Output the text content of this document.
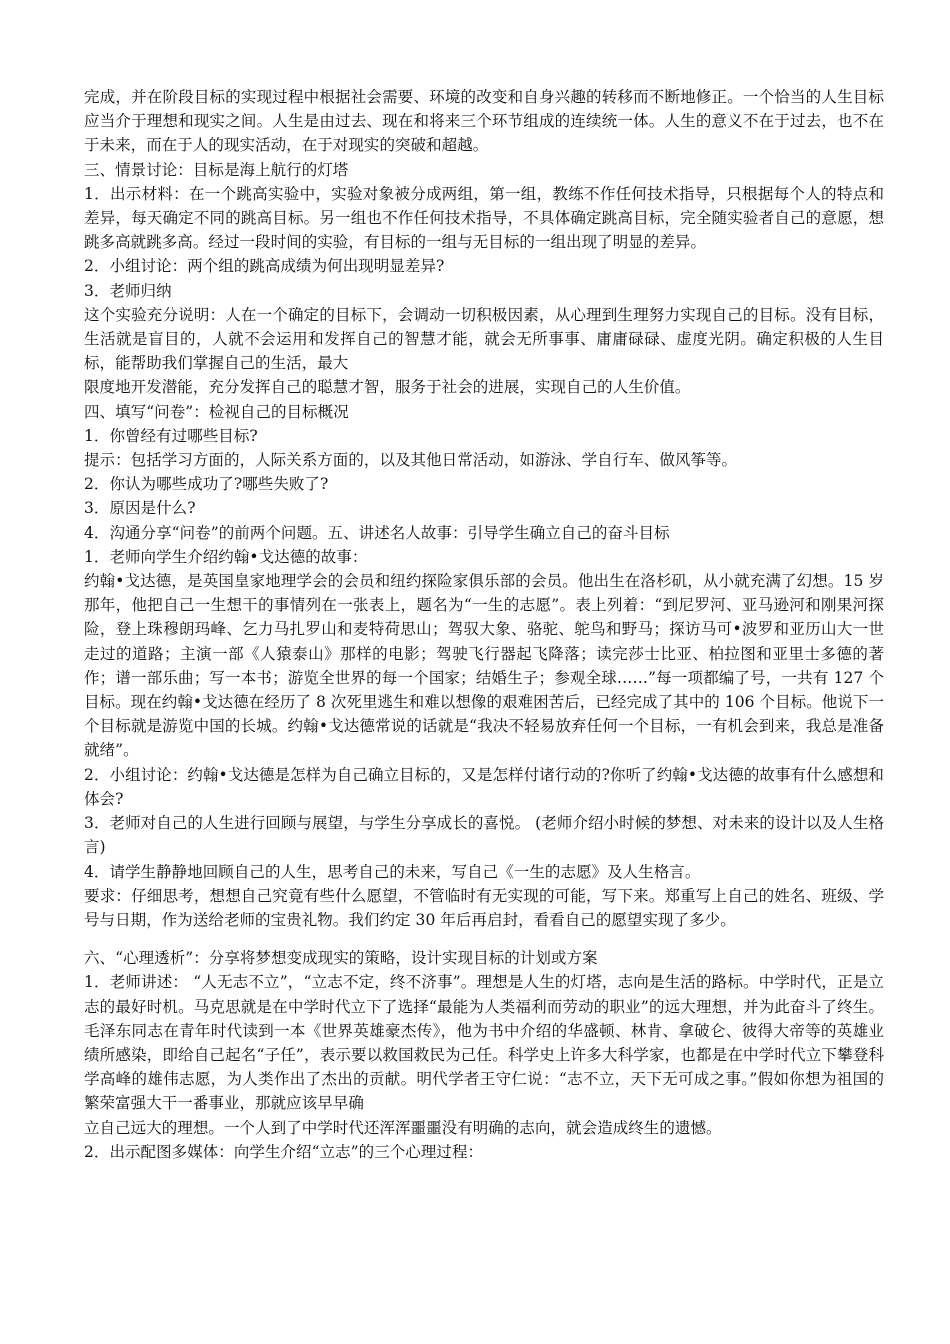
完成，并在阶段目标的实现过程中根据社会需要、环境的改变和自身兴趣的转移而不断地修正。一个恰当的人生目标应当介于理想和现实之间。人生是由过去、现在和将来三个环节组成的连续统一体。人生的意义不在于过去，也不在于未来，而在于人的现实活动，在于对现实的突破和超越。

三、情景讨论：目标是海上航行的灯塔

1．出示材料：在一个跳高实验中，实验对象被分成两组，第一组，教练不作任何技术指导，只根据每个人的特点和差异，每天确定不同的跳高目标。另一组也不作任何技术指导，不具体确定跳高目标，完全随实验者自己的意愿，想跳多高就跳多高。经过一段时间的实验，有目标的一组与无目标的一组出现了明显的差异。

2．小组讨论：两个组的跳高成绩为何出现明显差异?

3．老师归纳

这个实验充分说明：人在一个确定的目标下，会调动一切积极因素，从心理到生理努力实现自己的目标。没有目标，生活就是盲目的，人就不会运用和发挥自己的智慧才能，就会无所事事、庸庸碌碌、虚度光阴。确定积极的人生目标，能帮助我们掌握自己的生活，最大

限度地开发潜能，充分发挥自己的聪慧才智，服务于社会的进展，实现自己的人生价值。

四、填写“问卷”：检视自己的目标概况

1．你曾经有过哪些目标?

提示：包括学习方面的，人际关系方面的，以及其他日常活动，如游泳、学自行车、做风筝等。

2．你认为哪些成功了?哪些失败了?

3．原因是什么?

4．沟通分享“问卷”的前两个问题。五、讲述名人故事：引导学生确立自己的奋斗目标

1．老师向学生介绍约翰•戈达德的故事：

约翰•戈达德，是英国皇家地理学会的会员和纽约探险家俱乐部的会员。他出生在洛杉矶，从小就充满了幻想。15 岁那年，他把自己一生想干的事情列在一张表上，题名为“一生的志愿”。表上列着：“到尼罗河、亚马逊河和刚果河探险，登上珠穆朗玛峰、乞力马扎罗山和麦特荷思山；驾驭大象、骆驼、鸵鸟和野马；探访马可•波罗和亚历山大一世走过的道路；主演一部《人猿泰山》那样的电影；驾驶飞行器起飞降落；读完莎士比亚、柏拉图和亚里士多德的著作；谱一部乐曲；写一本书；游览全世界的每一个国家；结婚生子；参观全球……”每一项都编了号，一共有 127 个目标。现在约翰•戈达德在经历了 8 次死里逃生和难以想像的艰难困苦后，已经完成了其中的 106 个目标。他说下一个目标就是游览中国的长城。约翰•戈达德常说的话就是“我决不轻易放弃任何一个目标，一有机会到来，我总是准备就绪”。

2．小组讨论：约翰•戈达德是怎样为自己确立目标的，又是怎样付诸行动的?你听了约翰•戈达德的故事有什么感想和体会?

3．老师对自己的人生进行回顾与展望，与学生分享成长的喜悦。 (老师介绍小时候的梦想、对未来的设计以及人生格言)

4．请学生静静地回顾自己的人生，思考自己的未来，写自己《一生的志愿》及人生格言。

要求：仔细思考，想想自己究竟有些什么愿望，不管临时有无实现的可能，写下来。郑重写上自己的姓名、班级、学号与日期，作为送给老师的宝贵礼物。我们约定 30 年后再启封，看看自己的愿望实现了多少。

六、“心理透析”：分享将梦想变成现实的策略，设计实现目标的计划或方案

1．老师讲述： “人无志不立”，“立志不定，终不济事”。理想是人生的灯塔，志向是生活的路标。中学时代，正是立志的最好时机。马克思就是在中学时代立下了选择“最能为人类福利而劳动的职业”的远大理想，并为此奋斗了终生。毛泽东同志在青年时代读到一本《世界英雄豪杰传》，他为书中介绍的华盛顿、林肯、拿破仑、彼得大帝等的英雄业绩所感染，即给自己起名“子任”，表示要以救国救民为己任。科学史上许多大科学家，也都是在中学时代立下攀登科学高峰的雄伟志愿，为人类作出了杰出的贡献。明代学者王守仁说：“志不立，天下无可成之事。”假如你想为祖国的繁荣富强大干一番事业，那就应该早早确

立自己远大的理想。一个人到了中学时代还浑浑噩噩没有明确的志向，就会造成终生的遗憾。

2．出示配图多媒体：向学生介绍“立志”的三个心理过程：
